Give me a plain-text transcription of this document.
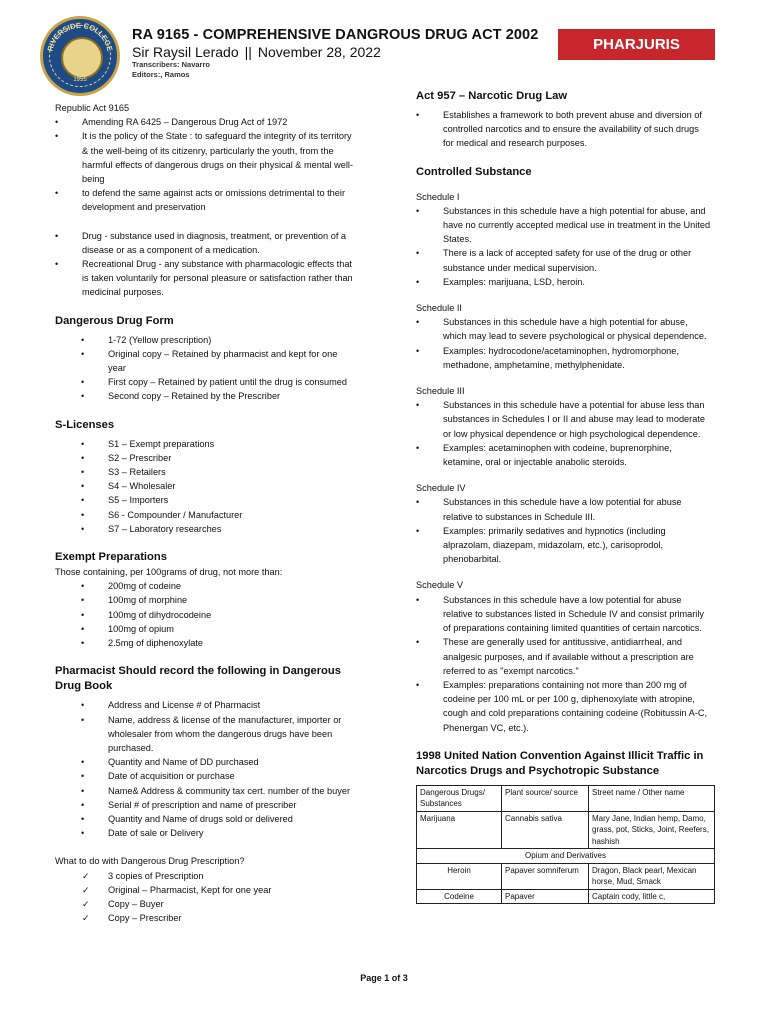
RIVERSIDE COLLEGE
1955
RA 9165 - COMPREHENSIVE DANGROUS DRUG ACT 2002
Sir Raysil Lerado || November 28, 2022
Transcribers: Navarro
Editors:, Ramos
PHARJURIS

Republic Act 9165

• Amending RA 6425 – Dangerous Drug Act of 1972
• It is the policy of the State : to safeguard the integrity of its territory & the well-being of its citizenry, particularly the youth, from the harmful effects of dangerous drugs on their physical & mental well-being
• to defend the same against acts or omissions detrimental to their development and preservation
• Drug - substance used in diagnosis, treatment, or prevention of a disease or as a component of a medication.
• Recreational Drug - any substance with pharmacologic effects that is taken voluntarily for personal pleasure or satisfaction rather than medicinal purposes.
Dangerous Drug Form
• 1-72 (Yellow prescription)
• Original copy – Retained by pharmacist and kept for one year
• First copy – Retained by patient until the drug is consumed
• Second copy – Retained by the Prescriber
S-Licenses
• S1 – Exempt preparations
• S2 – Prescriber
• S3 – Retailers
• S4 – Wholesaler
• S5 – Importers
• S6 - Compounder / Manufacturer
• S7 – Laboratory researches
Exempt Preparations

Those containing, per 100grams of drug, not more than:

• 200mg of codeine
• 100mg of morphine
• 100mg of dihydrocodeine
• 100mg of opium
• 2.5mg of diphenoxylate
Pharmacist Should record the following in Dangerous Drug Book
• Address and License # of Pharmacist
• Name, address & license of the manufacturer, importer or wholesaler from whom the dangerous drugs have been purchased.
• Quantity and Name of DD purchased
• Date of acquisition or purchase
• Name& Address & community tax cert. number of the buyer
• Serial # of prescription and name of prescriber
• Quantity and Name of drugs sold or delivered
• Date of sale or Delivery

What to do with Dangerous Drug Prescription?

✓ 3 copies of Prescription
✓ Original – Pharmacist, Kept for one year
✓ Copy – Buyer
✓ Copy – Prescriber
Act 957 – Narcotic Drug Law
• Establishes a framework to both prevent abuse and diversion of controlled narcotics and to ensure the availability of such drugs for medical and research purposes.
Controlled Substance

Schedule I

• Substances in this schedule have a high potential for abuse, and have no currently accepted medical use in treatment in the United States.
• There is a lack of accepted safety for use of the drug or other substance under medical supervision.
• Examples: marijuana, LSD, heroin.

Schedule II

• Substances in this schedule have a high potential for abuse, which may lead to severe psychological or physical dependence.
• Examples: hydrocodone/acetaminophen, hydromorphone, methadone, amphetamine, methylphenidate.

Schedule III

• Substances in this schedule have a potential for abuse less than substances in Schedules I or II and abuse may lead to moderate or low physical dependence or high psychological dependence.
• Examples: acetaminophen with codeine, buprenorphine, ketamine, oral or injectable anabolic steroids.

Schedule IV

• Substances in this schedule have a low potential for abuse relative to substances in Schedule III.
• Examples: primarily sedatives and hypnotics (including alprazolam, diazepam, midazolam, etc.), carisoprodol, phenobarbital.

Schedule V

• Substances in this schedule have a low potential for abuse relative to substances listed in Schedule IV and consist primarily of preparations containing limited quantities of certain narcotics.
• These are generally used for antitussive, antidiarrheal, and analgesic purposes, and if available without a prescription are referred to as "exempt narcotics."
• Examples: preparations containing not more than 200 mg of codeine per 100 mL or per 100 g, diphenoxylate with atropine, cough and cold preparations containing codeine (Robitussin A-C, Phenergan VC, etc.).
1998 United Nation Convention Against Illicit Traffic in Narcotics Drugs and Psychotropic Substance
Dangerous Drugs/ Substances	Plant source/ source	Street name / Other name
Marijuana	Cannabis sativa	Mary Jane, Indian hemp, Damo, grass, pot, Sticks, Joint, Reefers, hashish
Opium and Derivatives		
Heroin	Papaver somniferum	Dragon, Black pearl, Mexican horse, Mud, Smack
Codeine	Papaver	Captain cody, little c,
Page 1 of 3
